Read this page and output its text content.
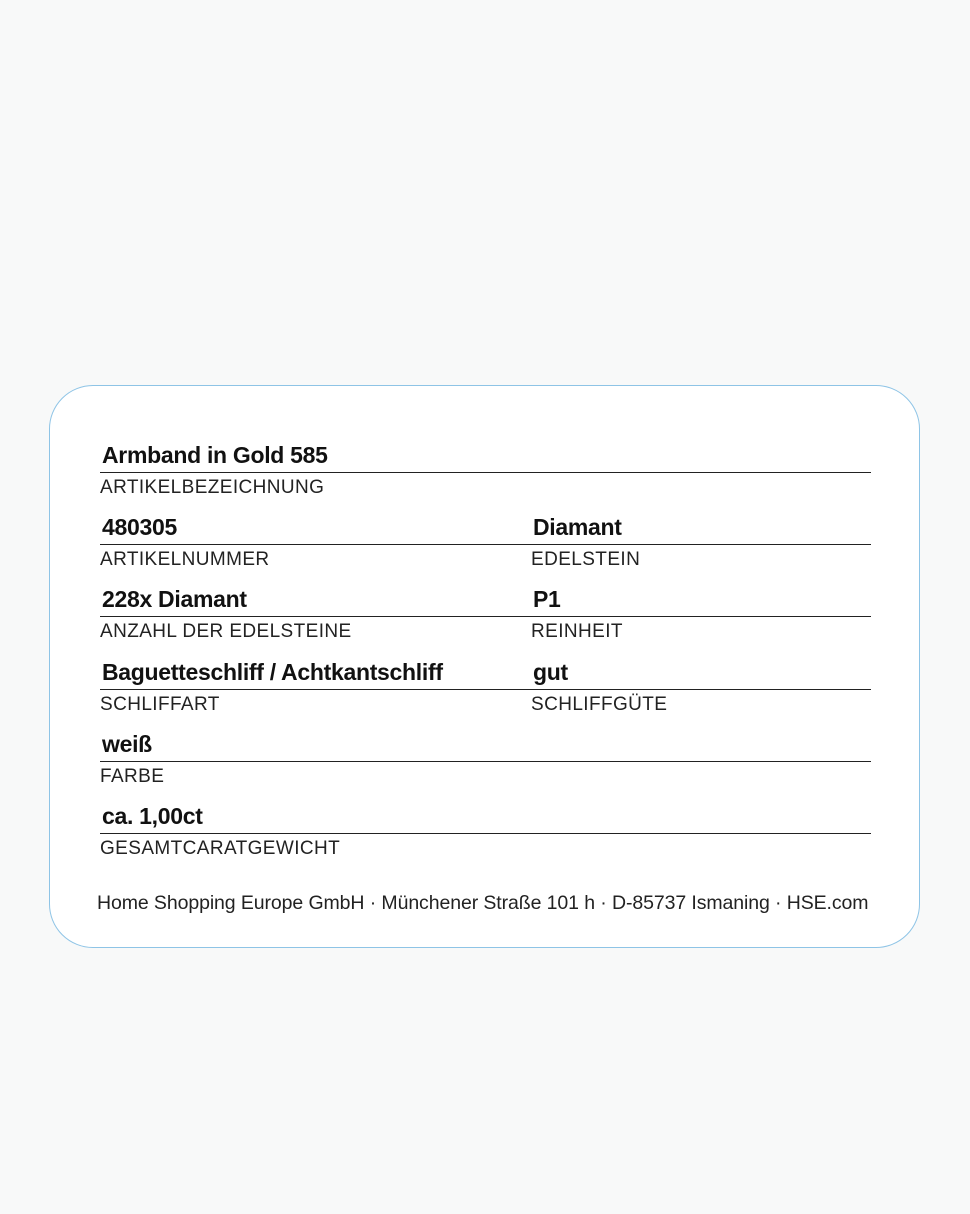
Armband in Gold 585
ARTIKELBEZEICHNUNG
480305
ARTIKELNUMMER
Diamant
EDELSTEIN
228x Diamant
ANZAHL DER EDELSTEINE
P1
REINHEIT
Baguetteschliff / Achtkantschliff
SCHLIFFART
gut
SCHLIFFGÜTE
weiß
FARBE
ca. 1,00ct
GESAMTCARATGEWICHT
Home Shopping Europe GmbH · Münchener Straße 101 h · D-85737 Ismaning · HSE.com
